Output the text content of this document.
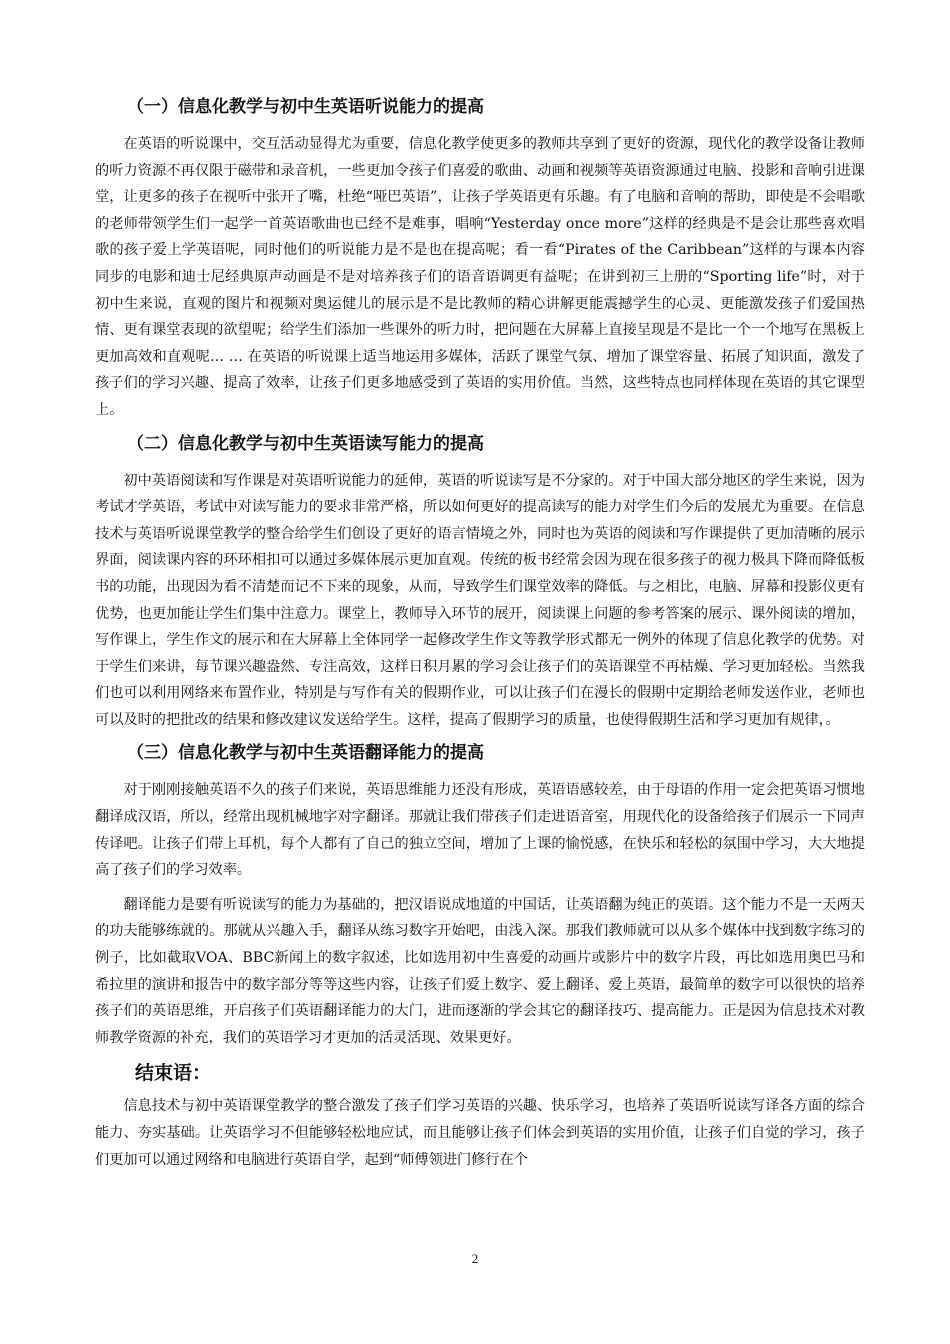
（一）信息化教学与初中生英语听说能力的提高

在英语的听说课中，交互活动显得尤为重要，信息化教学使更多的教师共享到了更好的资源，现代化的教学设备让教师的听力资源不再仅限于磁带和录音机，一些更加令孩子们喜爱的歌曲、动画和视频等英语资源通过电脑、投影和音响引进课堂，让更多的孩子在视听中张开了嘴，杜绝“哑巴英语”，让孩子学英语更有乐趣。有了电脑和音响的帮助，即使是不会唱歌的老师带领学生们一起学一首英语歌曲也已经不是难事，唱响“Yesterday once more”这样的经典是不是会让那些喜欢唱歌的孩子爱上学英语呢，同时他们的听说能力是不是也在提高呢；看一看“Pirates of the Caribbean”这样的与课本内容同步的电影和迪士尼经典原声动画是不是对培养孩子们的语音语调更有益呢；在讲到初三上册的“Sporting life”时，对于初中生来说，直观的图片和视频对奥运健儿的展示是不是比教师的精心讲解更能震撼学生的心灵、更能激发孩子们爱国热情、更有课堂表现的欲望呢；给学生们添加一些课外的听力时，把问题在大屏幕上直接呈现是不是比一个一个地写在黑板上更加高效和直观呢… … 在英语的听说课上适当地运用多媒体，活跃了课堂气氛、增加了课堂容量、拓展了知识面，激发了孩子们的学习兴趣、提高了效率，让孩子们更多地感受到了英语的实用价值。当然，这些特点也同样体现在英语的其它课型上。

（二）信息化教学与初中生英语读写能力的提高

初中英语阅读和写作课是对英语听说能力的延伸，英语的听说读写是不分家的。对于中国大部分地区的学生来说，因为考试才学英语，考试中对读写能力的要求非常严格，所以如何更好的提高读写的能力对学生们今后的发展尤为重要。在信息技术与英语听说课堂教学的整合给学生们创设了更好的语言情境之外，同时也为英语的阅读和写作课提供了更加清晰的展示界面，阅读课内容的环环相扣可以通过多媒体展示更加直观。传统的板书经常会因为现在很多孩子的视力极具下降而降低板书的功能，出现因为看不清楚而记不下来的现象，从而，导致学生们课堂效率的降低。与之相比，电脑、屏幕和投影仪更有优势，也更加能让学生们集中注意力。课堂上，教师导入环节的展开，阅读课上问题的参考答案的展示、课外阅读的增加，写作课上，学生作文的展示和在大屏幕上全体同学一起修改学生作文等教学形式都无一例外的体现了信息化教学的优势。对于学生们来讲，每节课兴趣盎然、专注高效，这样日积月累的学习会让孩子们的英语课堂不再枯燥、学习更加轻松。当然我们也可以利用网络来布置作业，特别是与写作有关的假期作业，可以让孩子们在漫长的假期中定期给老师发送作业，老师也可以及时的把批改的结果和修改建议发送给学生。这样，提高了假期学习的质量，也使得假期生活和学习更加有规律，。

（三）信息化教学与初中生英语翻译能力的提高

对于刚刚接触英语不久的孩子们来说，英语思维能力还没有形成，英语语感较差，由于母语的作用一定会把英语习惯地翻译成汉语，所以，经常出现机械地字对字翻译。那就让我们带孩子们走进语音室，用现代化的设备给孩子们展示一下同声传译吧。让孩子们带上耳机，每个人都有了自己的独立空间，增加了上课的愉悦感，在快乐和轻松的氛围中学习，大大地提高了孩子们的学习效率。

翻译能力是要有听说读写的能力为基础的，把汉语说成地道的中国话，让英语翻为纯正的英语。这个能力不是一天两天的功夫能够练就的。那就从兴趣入手，翻译从练习数字开始吧，由浅入深。那我们教师就可以从多个媒体中找到数字练习的例子，比如截取VOA、BBC新闻上的数字叙述，比如选用初中生喜爱的动画片或影片中的数字片段，再比如选用奥巴马和希拉里的演讲和报告中的数字部分等等这些内容，让孩子们爱上数字、爱上翻译、爱上英语，最简单的数字可以很快的培养孩子们的英语思维，开启孩子们英语翻译能力的大门，进而逐渐的学会其它的翻译技巧、提高能力。正是因为信息技术对教师教学资源的补充，我们的英语学习才更加的活灵活现、效果更好。

结束语：

信息技术与初中英语课堂教学的整合激发了孩子们学习英语的兴趣、快乐学习，也培养了英语听说读写译各方面的综合能力、夯实基础。让英语学习不但能够轻松地应试，而且能够让孩子们体会到英语的实用价值，让孩子们自觉的学习，孩子们更加可以通过网络和电脑进行英语自学，起到“师傅领进门修行在个

2
